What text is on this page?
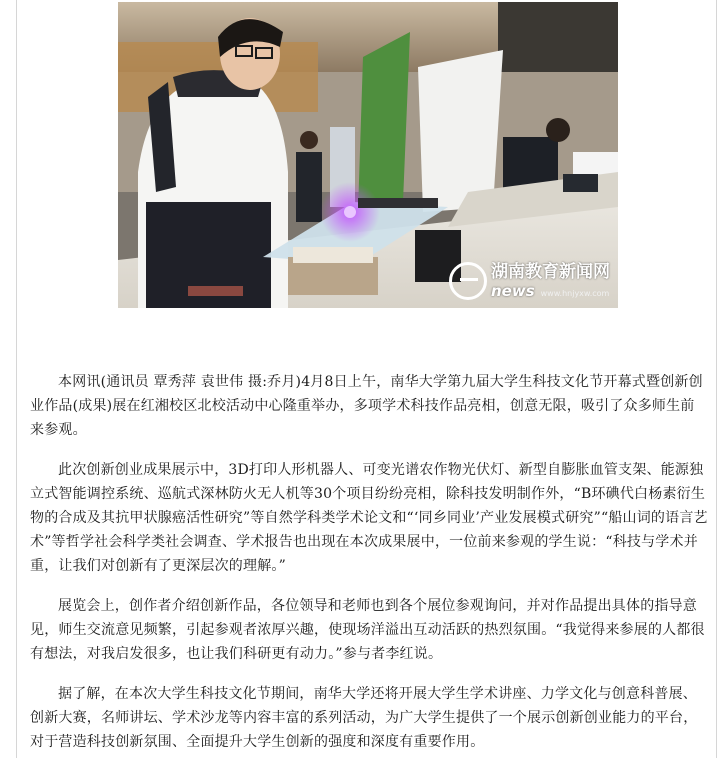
湖南教育新闻网
news www.hnjyxw.com

本网讯(通讯员 覃秀萍 袁世伟 摄:乔月)4月8日上午，南华大学第九届大学生科技文化节开幕式暨创新创业作品(成果)展在红湘校区北校活动中心隆重举办，多项学术科技作品亮相，创意无限，吸引了众多师生前来参观。

此次创新创业成果展示中，3D打印人形机器人、可变光谱农作物光伏灯、新型自膨胀血管支架、能源独立式智能调控系统、巡航式深林防火无人机等30个项目纷纷亮相，除科技发明制作外，“B环碘代白杨素衍生物的合成及其抗甲状腺癌活性研究”等自然学科类学术论文和“‘同乡同业’产业发展模式研究”“船山词的语言艺术”等哲学社会科学类社会调查、学术报告也出现在本次成果展中，一位前来参观的学生说：“科技与学术并重，让我们对创新有了更深层次的理解。”

展览会上，创作者介绍创新作品，各位领导和老师也到各个展位参观询问，并对作品提出具体的指导意见，师生交流意见频繁，引起参观者浓厚兴趣，使现场洋溢出互动活跃的热烈氛围。“我觉得来参展的人都很有想法，对我启发很多，也让我们科研更有动力。”参与者李红说。

据了解，在本次大学生科技文化节期间，南华大学还将开展大学生学术讲座、力学文化与创意科普展、创新大赛，名师讲坛、学术沙龙等内容丰富的系列活动，为广大学生提供了一个展示创新创业能力的平台，对于营造科技创新氛围、全面提升大学生创新的强度和深度有重要作用。
